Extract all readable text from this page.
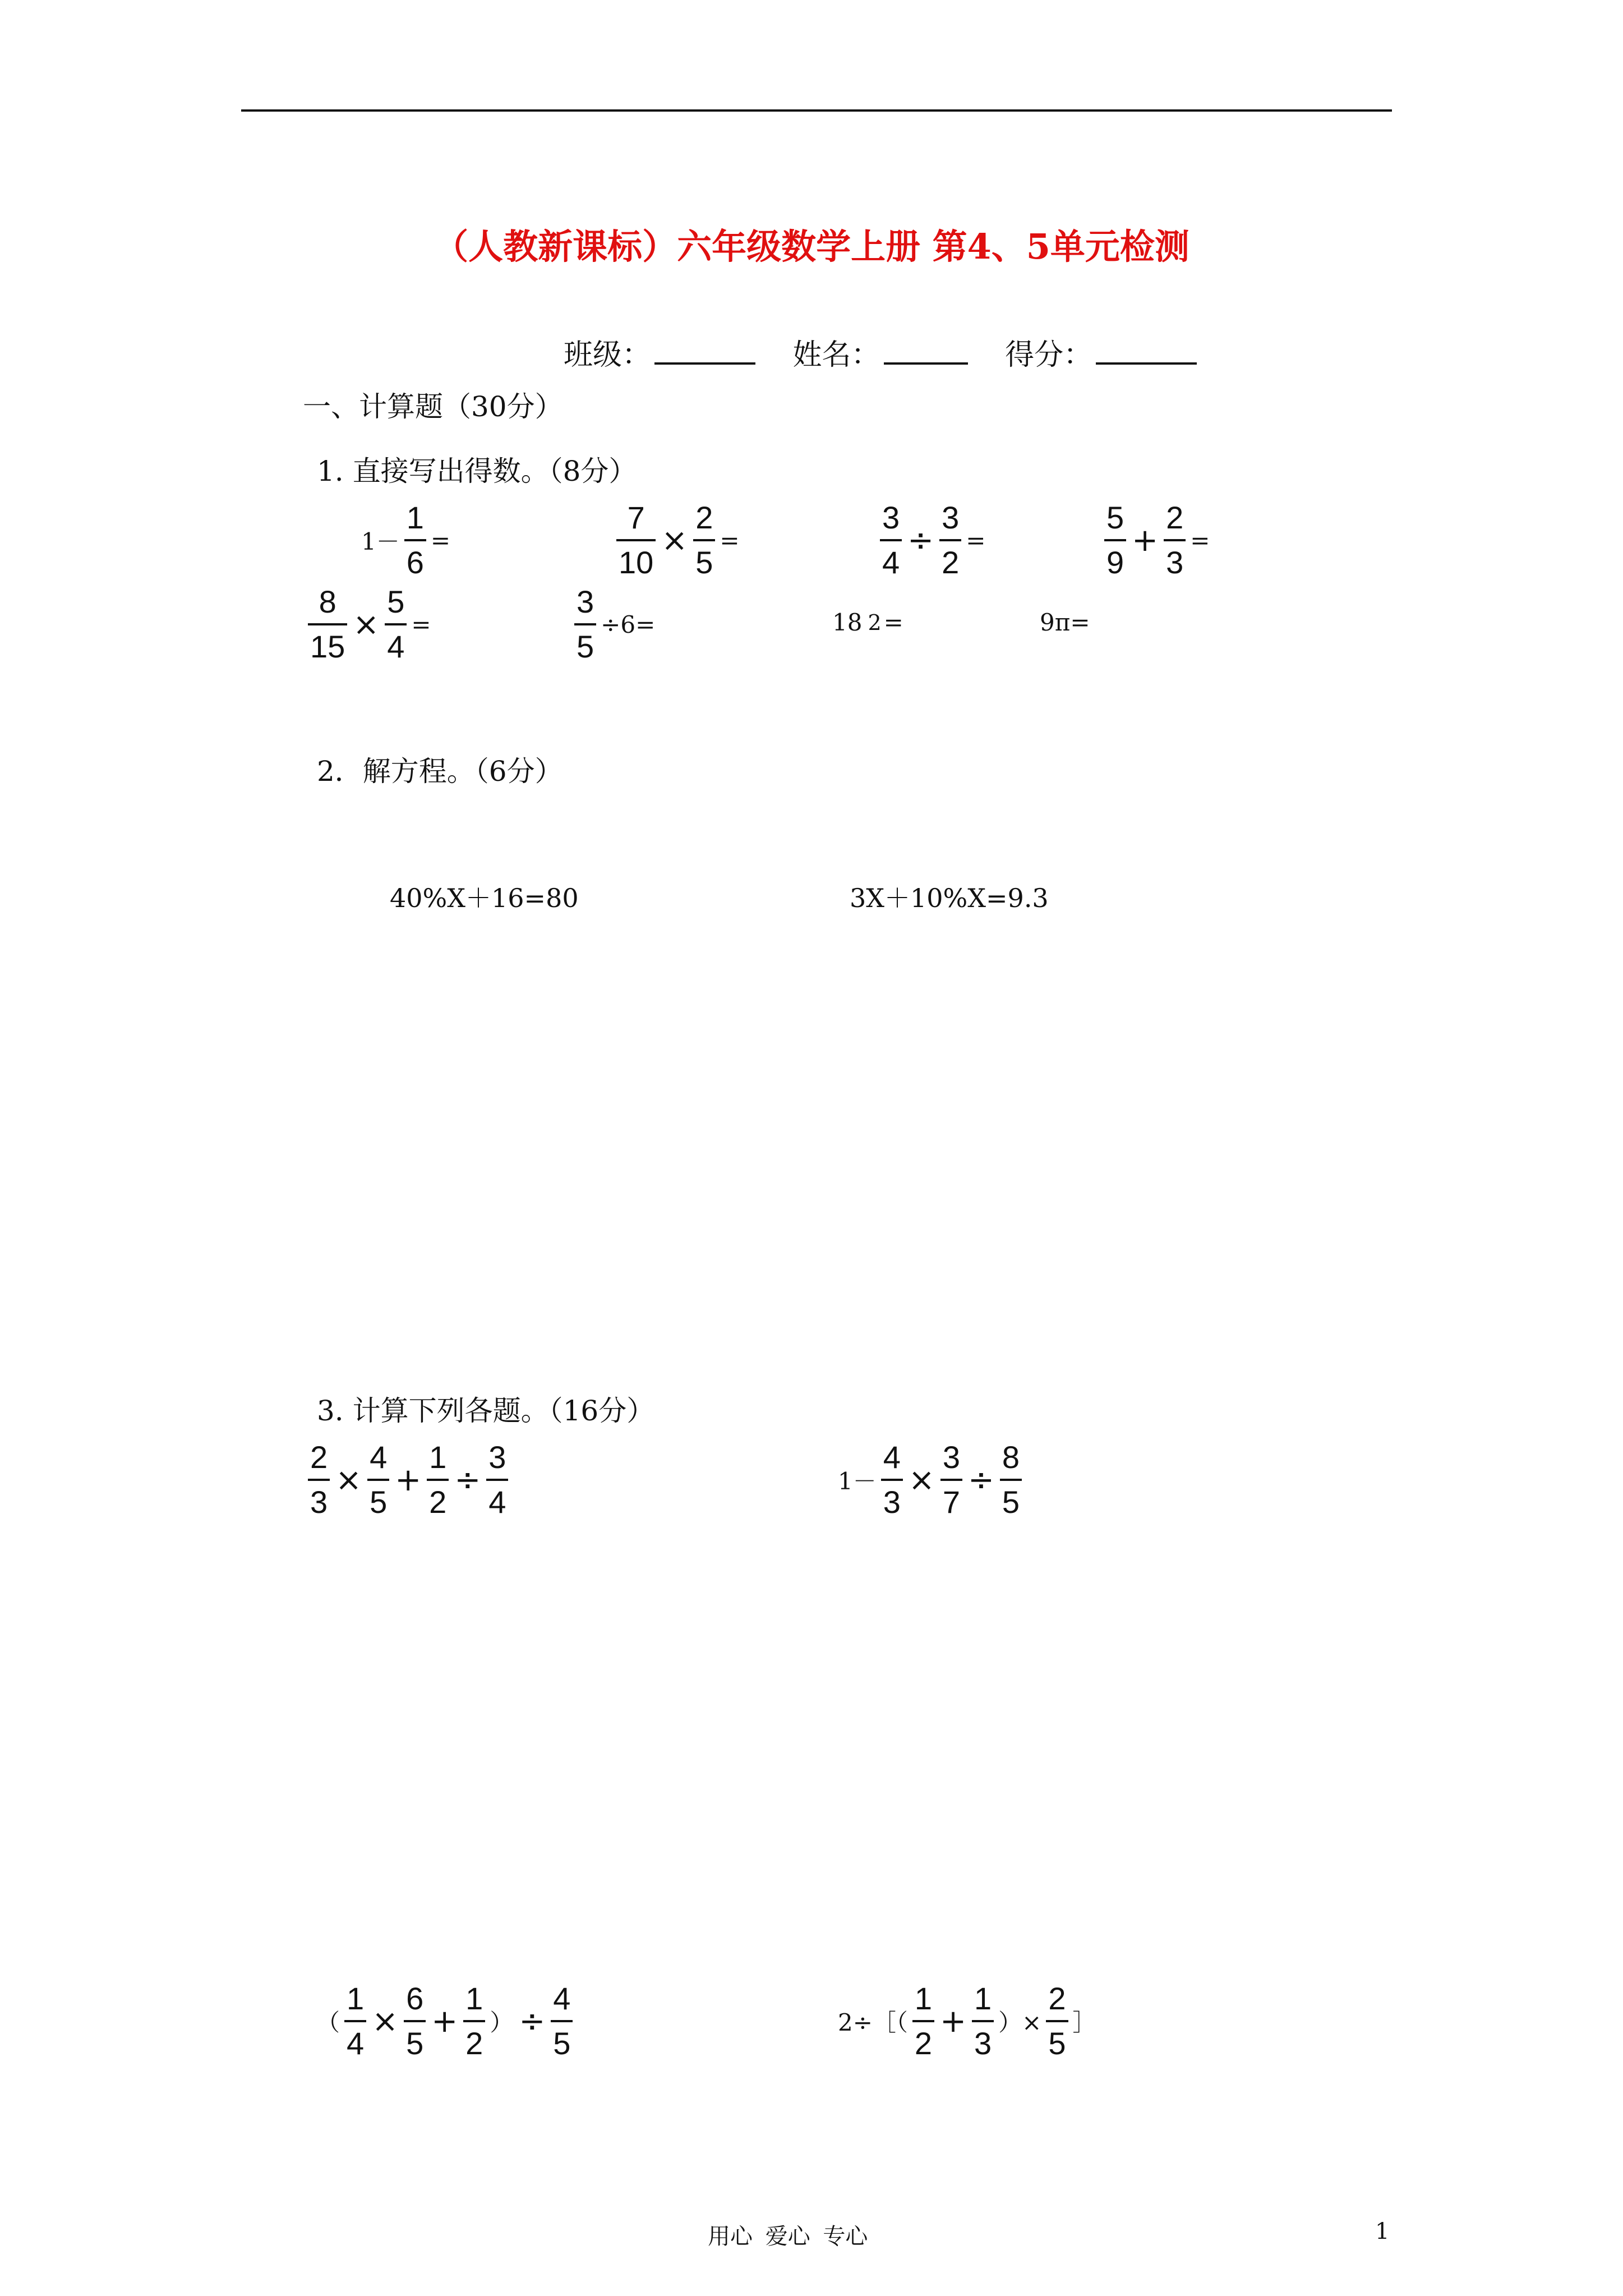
（人教新课标）六年级数学上册 第4、5单元检测
班级：	姓名：	得分：
一、计算题（30分）
1. 直接写出得数。（8分）
$1- \frac{1}{6}$ =	$\frac{7}{10} \times \frac{2}{5}$ =	$\frac{3}{4} \div \frac{3}{2}$ =	$\frac{5}{9} + \frac{2}{3}$ =
$\frac{8}{15} \times \frac{5}{4}$ =	$\frac{3}{5} \div 6=$	18 2 =	9π=
2．解方程。（6分）
40%X＋16=80	3X＋10%X=9.3
3. 计算下列各题。（16分）
$\frac{2}{3} \times \frac{4}{5} + \frac{1}{2} \div \frac{3}{4}$	$1- \frac{4}{3} \times \frac{3}{7} \div \frac{8}{5}$
（ $\frac{1}{4} \times \frac{6}{5} + \frac{1}{2}$ ） ÷ $\frac{4}{5}$	2÷［（ $\frac{1}{2} + \frac{1}{3}$ ）× $\frac{2}{5}$ ］
用心 爱心 专心	1
